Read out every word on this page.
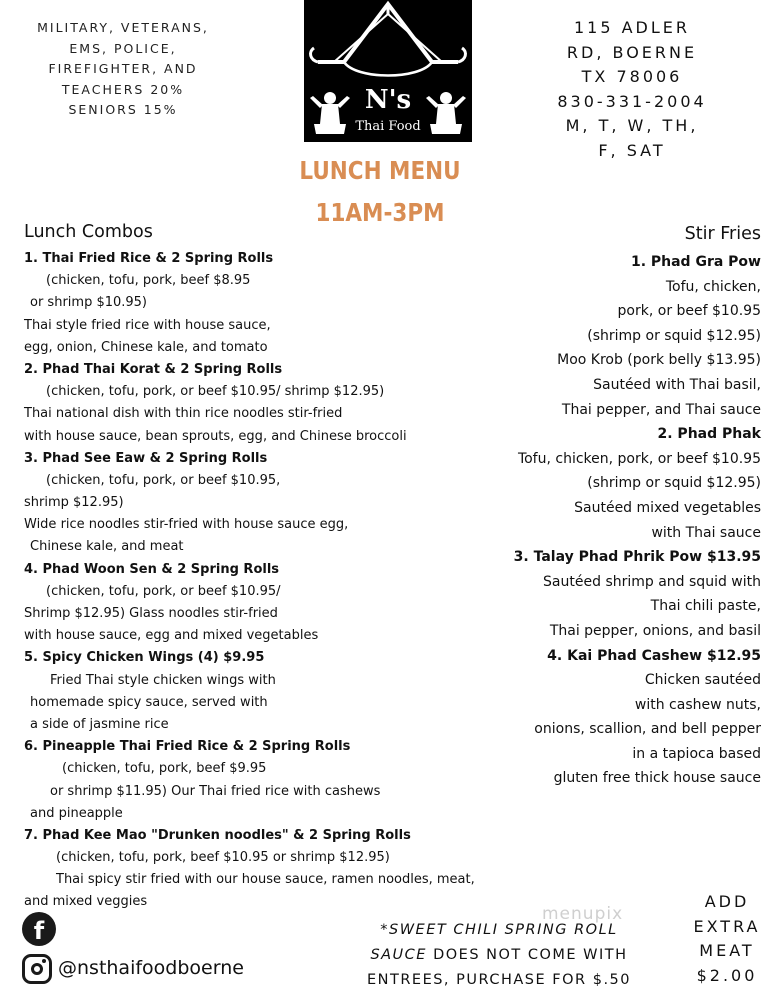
MILITARY, VETERANS,
EMS, POLICE,
FIREFIGHTER, AND
TEACHERS 20%
SENIORS 15%	N's
Thai Food
115 ADLER
RD, BOERNE
TX 78006
830-331-2004
M, T, W, TH,
F, SAT
LUNCH MENU
11AM-3PM
Lunch Combos
1. Thai Fried Rice & 2 Spring Rolls
(chicken, tofu, pork, beef $8.95
or shrimp $10.95)
Thai style fried rice with house sauce,
egg, onion, Chinese kale, and tomato
2. Phad Thai Korat & 2 Spring Rolls
(chicken, tofu, pork, or beef $10.95/ shrimp $12.95)
Thai national dish with thin rice noodles stir-fried
with house sauce, bean sprouts, egg, and Chinese broccoli
3. Phad See Eaw & 2 Spring Rolls
(chicken, tofu, pork, or beef $10.95,
shrimp $12.95)
Wide rice noodles stir-fried with house sauce egg,
Chinese kale, and meat
4. Phad Woon Sen & 2 Spring Rolls
(chicken, tofu, pork, or beef $10.95/
Shrimp $12.95) Glass noodles stir-fried
with house sauce, egg and mixed vegetables
5. Spicy Chicken Wings (4) $9.95
Fried Thai style chicken wings with
homemade spicy sauce, served with
a side of jasmine rice
6. Pineapple Thai Fried Rice & 2 Spring Rolls
(chicken, tofu, pork, beef $9.95
or shrimp $11.95) Our Thai fried rice with cashews
and pineapple
7. Phad Kee Mao "Drunken noodles" & 2 Spring Rolls
(chicken, tofu, pork, beef $10.95 or shrimp $12.95)
Thai spicy stir fried with our house sauce, ramen noodles, meat,
and mixed veggies
Stir Fries
1. Phad Gra Pow
Tofu, chicken,
pork, or beef $10.95
(shrimp or squid $12.95)
Moo Krob (pork belly $13.95)
Sautéed with Thai basil,
Thai pepper, and Thai sauce
2. Phad Phak
Tofu, chicken, pork, or beef $10.95
(shrimp or squid $12.95)
Sautéed mixed vegetables
with Thai sauce
3. Talay Phad Phrik Pow $13.95
Sautéed shrimp and squid with
Thai chili paste,
Thai pepper, onions, and basil
4. Kai Phad Cashew $12.95
Chicken sautéed
with cashew nuts,
onions, scallion, and bell pepper
in a tapioca based
gluten free thick house sauce
f
@nsthaifoodboerne
menupix
*SWEET CHILI SPRING ROLL
SAUCE DOES NOT COME WITH
ENTREES, PURCHASE FOR $.50
ADD
EXTRA
MEAT
$2.00
